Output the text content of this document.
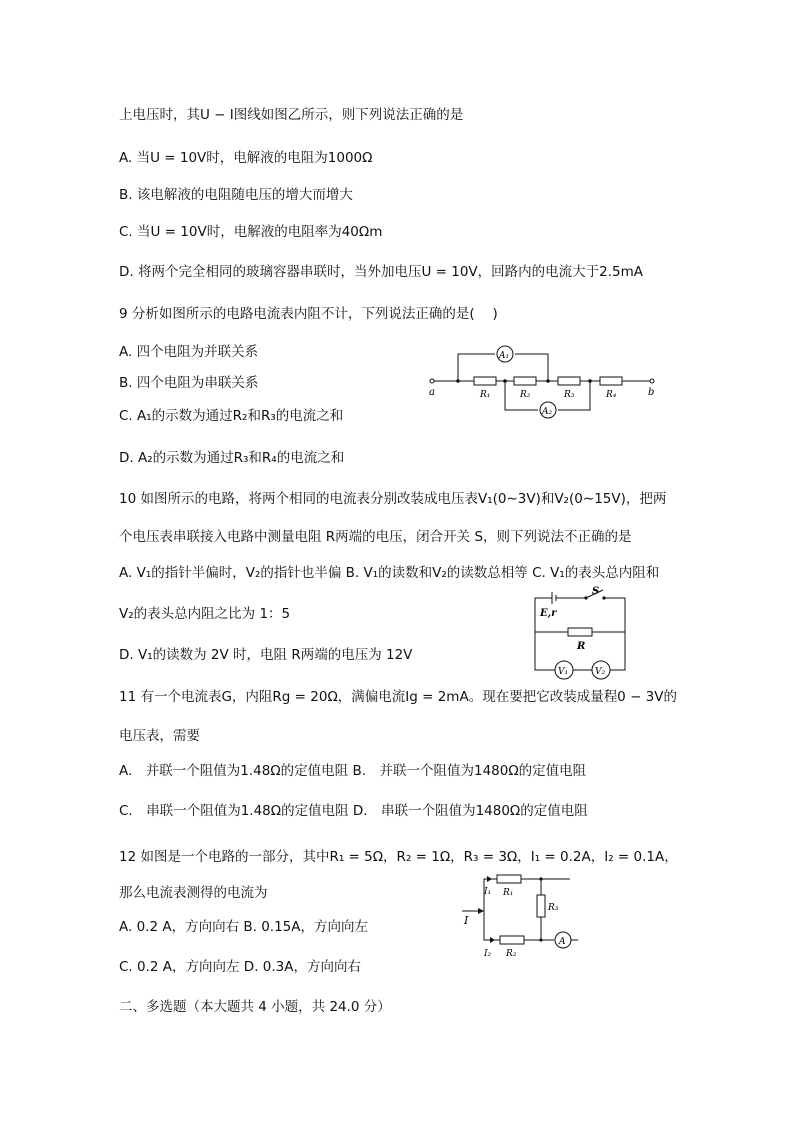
上电压时，其U − I图线如图乙所示，则下列说法正确的是
A. 当U = 10V时，电解液的电阻为1000Ω
B. 该电解液的电阻随电压的增大而增大
C. 当U = 10V时，电解液的电阻率为40Ωm
D. 将两个完全相同的玻璃容器串联时，当外加电压U = 10V，回路内的电流大于2.5mA
9 分析如图所示的电路电流表内阻不计，下列说法正确的是(　 )
A. 四个电阻为并联关系
B. 四个电阻为串联关系
C. A₁的示数为通过R₂和R₃的电流之和
D. A₂的示数为通过R₃和R₄的电流之和
a	b
A₁
A₂
R₁	R₂	R₃	R₄
10 如图所示的电路，将两个相同的电流表分别改装成电压表V₁(0∼3V)和V₂(0∼15V)，把两
个电压表串联接入电路中测量电阻 R两端的电压，闭合开关 S，则下列说法不正确的是
A. V₁的指针半偏时，V₂的指针也半偏 B. V₁的读数和V₂的读数总相等 C. V₁的表头总内阻和
V₂的表头总内阻之比为 1：5
D. V₁的读数为 2V 时，电阻 R两端的电压为 12V
S
E,r
R
V₁	V₂
11 有一个电流表G，内阻Rg = 20Ω，满偏电流Ig = 2mA。现在要把它改装成量程0 − 3V的
电压表，需要
A.　并联一个阻值为1.48Ω的定值电阻 B.　并联一个阻值为1480Ω的定值电阻
C.　串联一个阻值为1.48Ω的定值电阻 D.　串联一个阻值为1480Ω的定值电阻
12 如图是一个电路的一部分，其中R₁ = 5Ω，R₂ = 1Ω，R₃ = 3Ω，I₁ = 0.2A，I₂ = 0.1A，
那么电流表测得的电流为
A. 0.2 A，方向向右 B. 0.15A，方向向左
C. 0.2 A，方向向左 D. 0.3A，方向向右
I
I₁
I₂
R₁
R₂
R₃
A
二、多选题（本大题共 4 小题，共 24.0 分）
